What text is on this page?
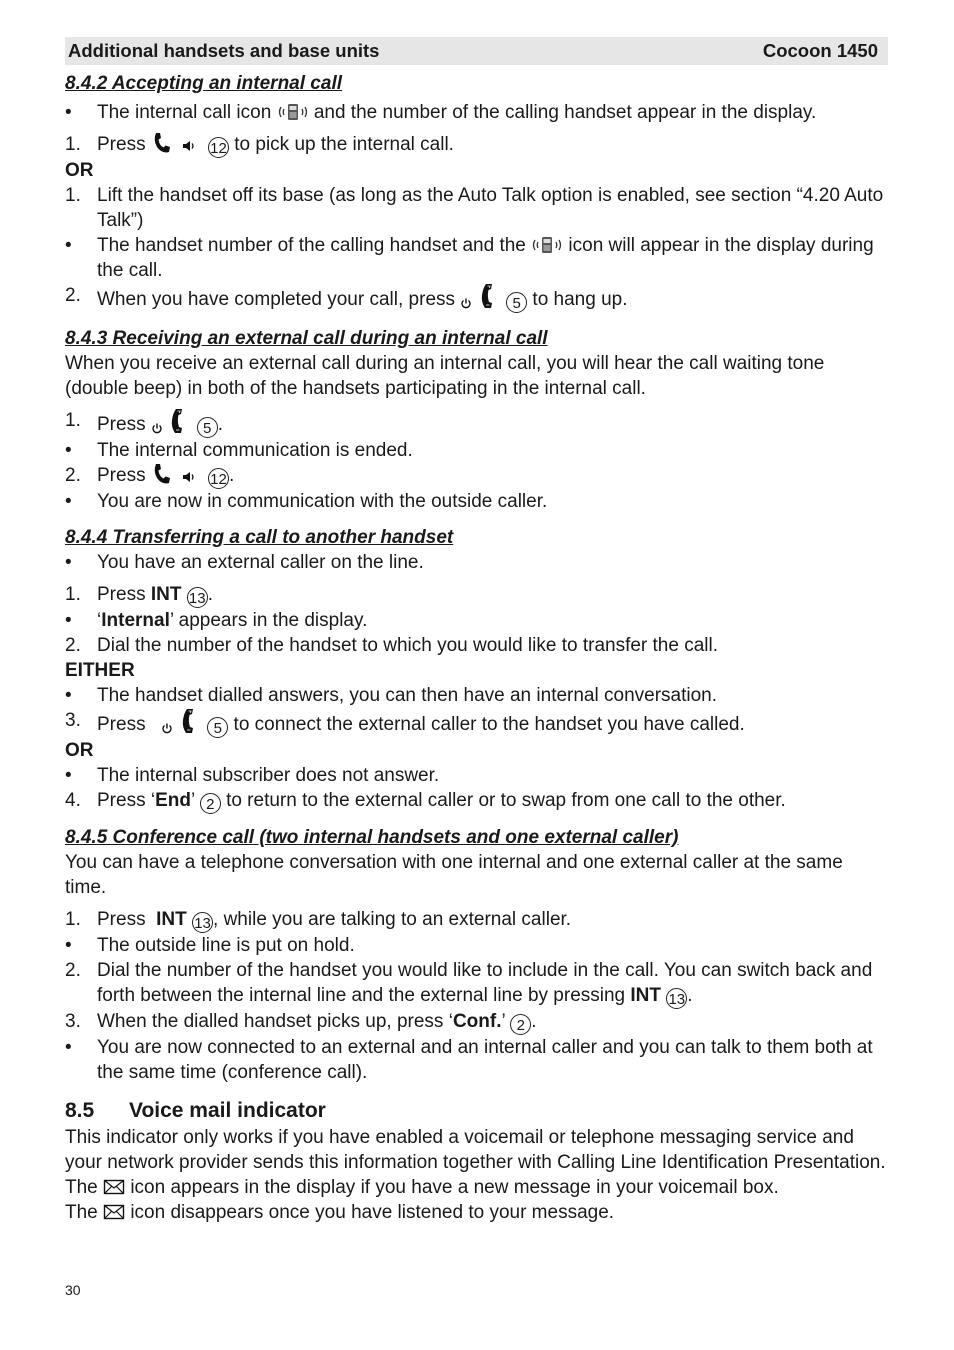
Additional handsets and base units	Cocoon 1450

8.4.2 Accepting an internal call

•	The internal call icon and the number of the calling handset appear in the display.

1. Press	12 to pick up the internal call.

OR

1. Lift the handset off its base (as long as the Auto Talk option is enabled, see section “4.20 Auto Talk”)

•	The handset number of the calling handset and the icon will appear in the display during the call.

2. When you have completed your call, press	5 to hang up.

8.4.3 Receiving an external call during an internal call

When you receive an external call during an internal call, you will hear the call waiting tone (double beep) in both of the handsets participating in the internal call.

1. Press	5 .

•	The internal communication is ended.

2. Press	12 .

•	You are now in communication with the outside caller.

8.4.4 Transferring a call to another handset

•	You have an external caller on the line.

1. Press INT 13 .

•	‘Internal’ appears in the display.

2. Dial the number of the handset to which you would like to transfer the call.

EITHER

•	The handset dialled answers, you can then have an internal conversation.

3. Press	5 to connect the external caller to the handset you have called.

OR

•	The internal subscriber does not answer.

4. Press ‘End’ 2 to return to the external caller or to swap from one call to the other.

8.4.5 Conference call (two internal handsets and one external caller)

You can have a telephone conversation with one internal and one external caller at the same time.

1. Press INT 13 , while you are talking to an external caller.

•	The outside line is put on hold.

2. Dial the number of the handset you would like to include in the call. You can switch back and forth between the internal line and the external line by pressing INT 13 .

3. When the dialled handset picks up, press ‘Conf.’ 2 .

•	You are now connected to an external and an internal caller and you can talk to them both at the same time (conference call).

8.5 Voice mail indicator

This indicator only works if you have enabled a voicemail or telephone messaging service and your network provider sends this information together with Calling Line Identification Presentation.

The icon appears in the display if you have a new message in your voicemail box.

The icon disappears once you have listened to your message.

30
